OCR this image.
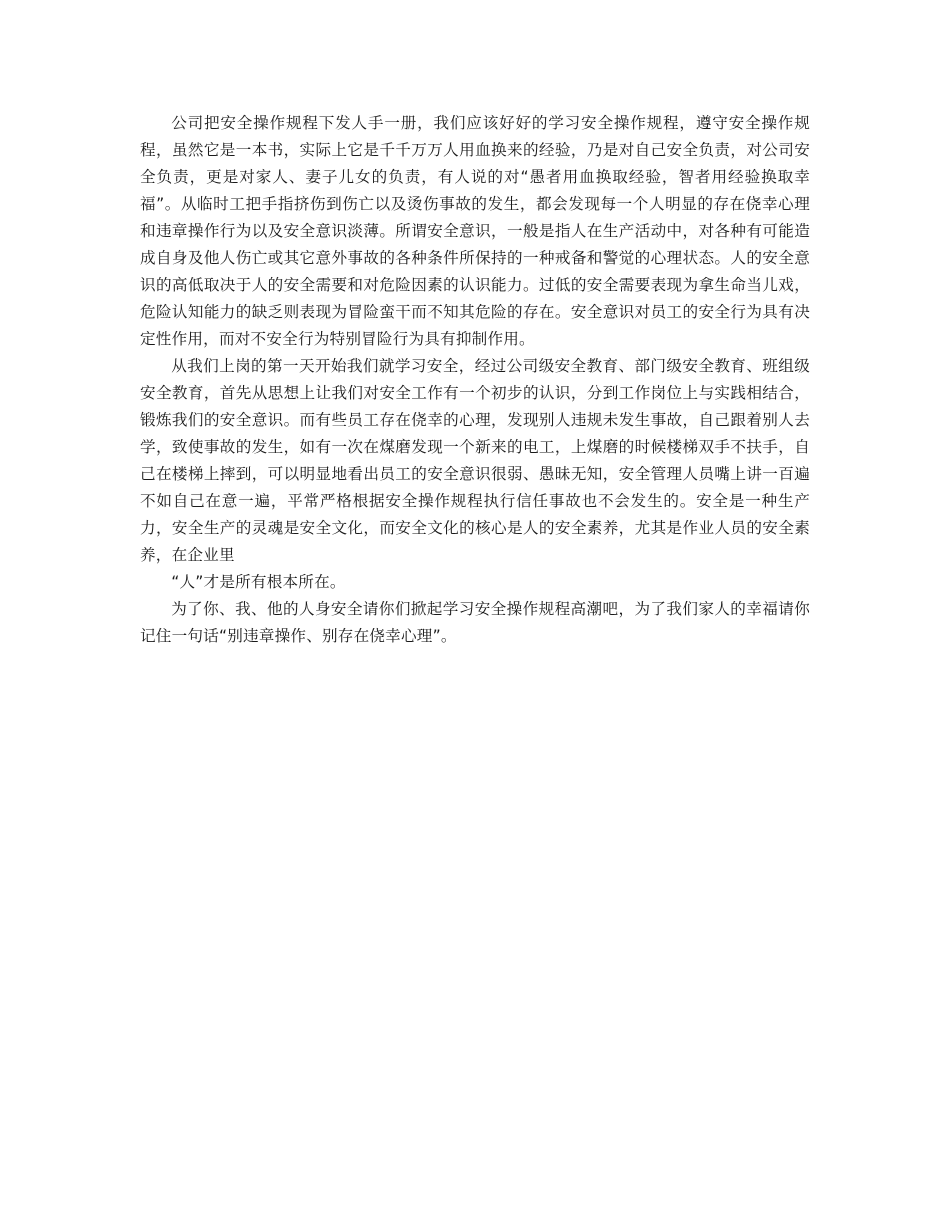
公司把安全操作规程下发人手一册，我们应该好好的学习安全操作规程，遵守安全操作规程，虽然它是一本书，实际上它是千千万万人用血换来的经验，乃是对自己安全负责，对公司安全负责，更是对家人、妻子儿女的负责，有人说的对“愚者用血换取经验，智者用经验换取幸福”。从临时工把手指挤伤到伤亡以及烫伤事故的发生，都会发现每一个人明显的存在侥幸心理和违章操作行为以及安全意识淡薄。所谓安全意识，一般是指人在生产活动中，对各种有可能造成自身及他人伤亡或其它意外事故的各种条件所保持的一种戒备和警觉的心理状态。人的安全意识的高低取决于人的安全需要和对危险因素的认识能力。过低的安全需要表现为拿生命当儿戏，危险认知能力的缺乏则表现为冒险蛮干而不知其危险的存在。安全意识对员工的安全行为具有决定性作用，而对不安全行为特别冒险行为具有抑制作用。

从我们上岗的第一天开始我们就学习安全，经过公司级安全教育、部门级安全教育、班组级安全教育，首先从思想上让我们对安全工作有一个初步的认识，分到工作岗位上与实践相结合，锻炼我们的安全意识。而有些员工存在侥幸的心理，发现别人违规未发生事故，自己跟着别人去学，致使事故的发生，如有一次在煤磨发现一个新来的电工，上煤磨的时候楼梯双手不扶手，自己在楼梯上摔到，可以明显地看出员工的安全意识很弱、愚昧无知，安全管理人员嘴上讲一百遍不如自己在意一遍，平常严格根据安全操作规程执行信任事故也不会发生的。安全是一种生产力，安全生产的灵魂是安全文化，而安全文化的核心是人的安全素养，尤其是作业人员的安全素养，在企业里

“人”才是所有根本所在。

为了你、我、他的人身安全请你们掀起学习安全操作规程高潮吧，为了我们家人的幸福请你记住一句话“别违章操作、别存在侥幸心理”。
